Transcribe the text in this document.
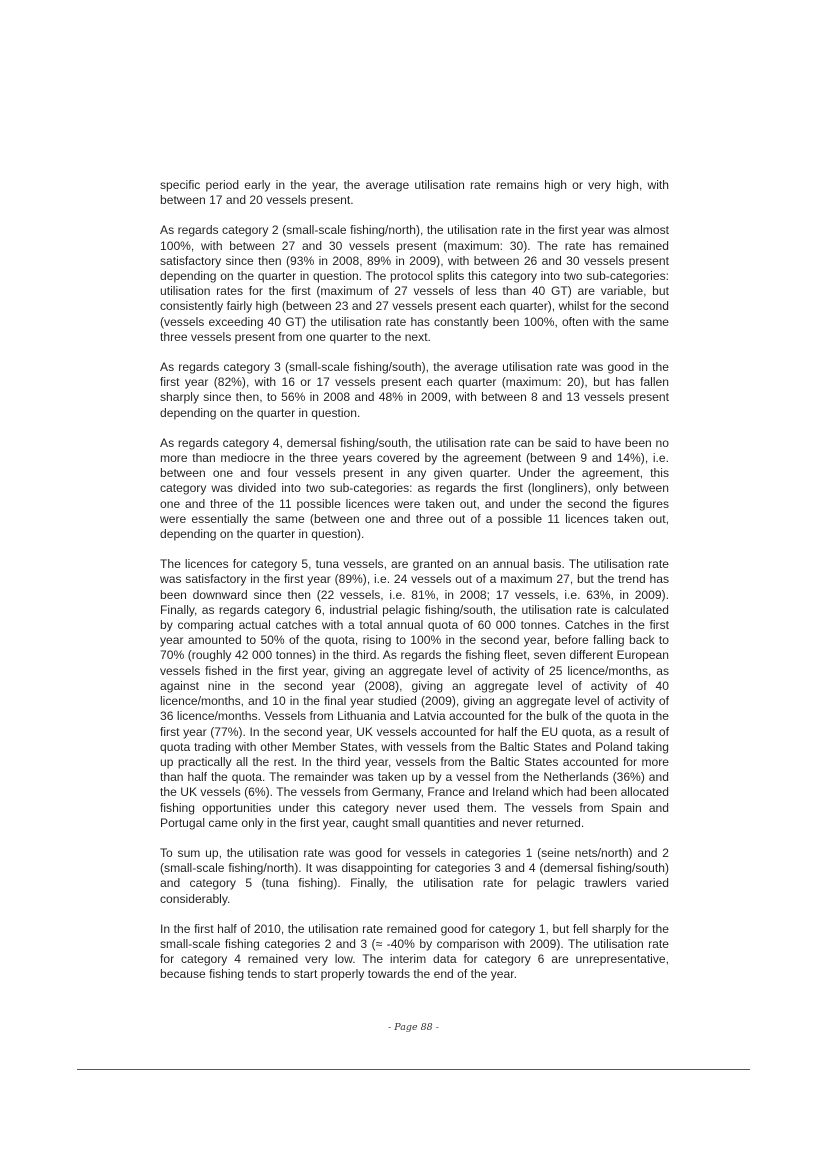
specific period early in the year, the average utilisation rate remains high or very high, with between 17 and 20 vessels present.

As regards category 2 (small-scale fishing/north), the utilisation rate in the first year was almost 100%, with between 27 and 30 vessels present (maximum: 30). The rate has remained satisfactory since then (93% in 2008, 89% in 2009), with between 26 and 30 vessels present depending on the quarter in question. The protocol splits this category into two sub-categories: utilisation rates for the first (maximum of 27 vessels of less than 40 GT) are variable, but consistently fairly high (between 23 and 27 vessels present each quarter), whilst for the second (vessels exceeding 40 GT) the utilisation rate has constantly been 100%, often with the same three vessels present from one quarter to the next.

As regards category 3 (small-scale fishing/south), the average utilisation rate was good in the first year (82%), with 16 or 17 vessels present each quarter (maximum: 20), but has fallen sharply since then, to 56% in 2008 and 48% in 2009, with between 8 and 13 vessels present depending on the quarter in question.

As regards category 4, demersal fishing/south, the utilisation rate can be said to have been no more than mediocre in the three years covered by the agreement (between 9 and 14%), i.e. between one and four vessels present in any given quarter. Under the agreement, this category was divided into two sub-categories: as regards the first (longliners), only between one and three of the 11 possible licences were taken out, and under the second the figures were essentially the same (between one and three out of a possible 11 licences taken out, depending on the quarter in question).

The licences for category 5, tuna vessels, are granted on an annual basis. The utilisation rate was satisfactory in the first year (89%), i.e. 24 vessels out of a maximum 27, but the trend has been downward since then (22 vessels, i.e. 81%, in 2008; 17 vessels, i.e. 63%, in 2009). Finally, as regards category 6, industrial pelagic fishing/south, the utilisation rate is calculated by comparing actual catches with a total annual quota of 60 000 tonnes. Catches in the first year amounted to 50% of the quota, rising to 100% in the second year, before falling back to 70% (roughly 42 000 tonnes) in the third. As regards the fishing fleet, seven different European vessels fished in the first year, giving an aggregate level of activity of 25 licence/months, as against nine in the second year (2008), giving an aggregate level of activity of 40 licence/months, and 10 in the final year studied (2009), giving an aggregate level of activity of 36 licence/months. Vessels from Lithuania and Latvia accounted for the bulk of the quota in the first year (77%). In the second year, UK vessels accounted for half the EU quota, as a result of quota trading with other Member States, with vessels from the Baltic States and Poland taking up practically all the rest. In the third year, vessels from the Baltic States accounted for more than half the quota. The remainder was taken up by a vessel from the Netherlands (36%) and the UK vessels (6%). The vessels from Germany, France and Ireland which had been allocated fishing opportunities under this category never used them. The vessels from Spain and Portugal came only in the first year, caught small quantities and never returned.

To sum up, the utilisation rate was good for vessels in categories 1 (seine nets/north) and 2 (small-scale fishing/north). It was disappointing for categories 3 and 4 (demersal fishing/south) and category 5 (tuna fishing). Finally, the utilisation rate for pelagic trawlers varied considerably.

In the first half of 2010, the utilisation rate remained good for category 1, but fell sharply for the small-scale fishing categories 2 and 3 (≈ -40% by comparison with 2009). The utilisation rate for category 4 remained very low. The interim data for category 6 are unrepresentative, because fishing tends to start properly towards the end of the year.

- Page 88 -
